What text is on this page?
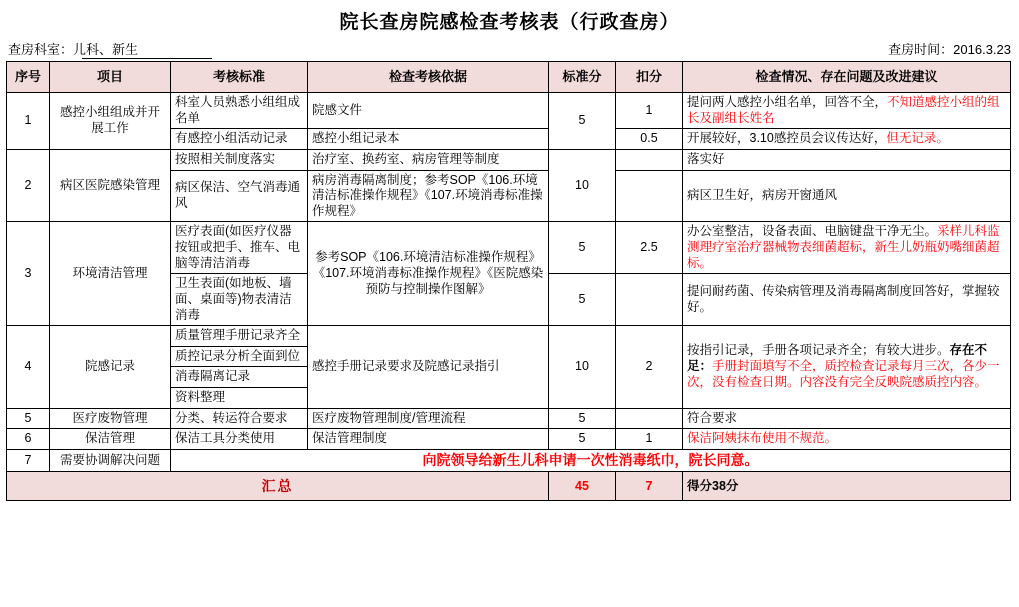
院长查房院感检查考核表（行政查房）
查房科室：儿科、新生	查房时间：2016.3.23
序号	项目	考核标准	检查考核依据	标准分	扣分	检查情况、存在问题及改进建议
1	感控小组组成并开展工作	科室人员熟悉小组组成名单	院感文件	5	1	提问两人感控小组名单，回答不全，不知道感控小组的组长及副组长姓名
		有感控小组活动记录	感控小组记录本		0.5	开展较好，3.10感控员会议传达好，但无记录。
2	病区医院感染管理	按照相关制度落实	治疗室、换药室、病房管理等制度	10		落实好
		病区保洁、空气消毒通风	病房消毒隔离制度；参考SOP《106.环境清洁标准操作规程》《107.环境消毒标准操作规程》			病区卫生好，病房开窗通风
3	环境清洁管理	医疗表面(如医疗仪器按钮或把手、推车、电脑等清洁消毒	参考SOP《106.环境清洁标准操作规程》《107.环境消毒标准操作规程》《医院感染预防与控制操作图解》	5	2.5	办公室整洁，设备表面、电脑键盘干净无尘。采样儿科监测理疗室治疗器械物表细菌超标，新生儿奶瓶奶嘴细菌超标。
		卫生表面(如地板、墙面、桌面等)物表清洁消毒		5		提问耐药菌、传染病管理及消毒隔离制度回答好，掌握较好。
4	院感记录	质量管理手册记录齐全	感控手册记录要求及院感记录指引	10	2	按指引记录，手册各项记录齐全；有较大进步。存在不足：手册封面填写不全，质控检查记录每月三次，各少一次，没有检查日期。内容没有完全反映院感质控内容。
		质控记录分析全面到位				
		消毒隔离记录				
		资料整理				
5	医疗废物管理	分类、转运符合要求	医疗废物管理制度/管理流程	5		符合要求
6	保洁管理	保洁工具分类使用	保洁管理制度	5	1	保洁阿姨抹布使用不规范。
7	需要协调解决问题	向院领导给新生儿科申请一次性消毒纸巾，院长同意。				
汇总				45	7	得分38分
